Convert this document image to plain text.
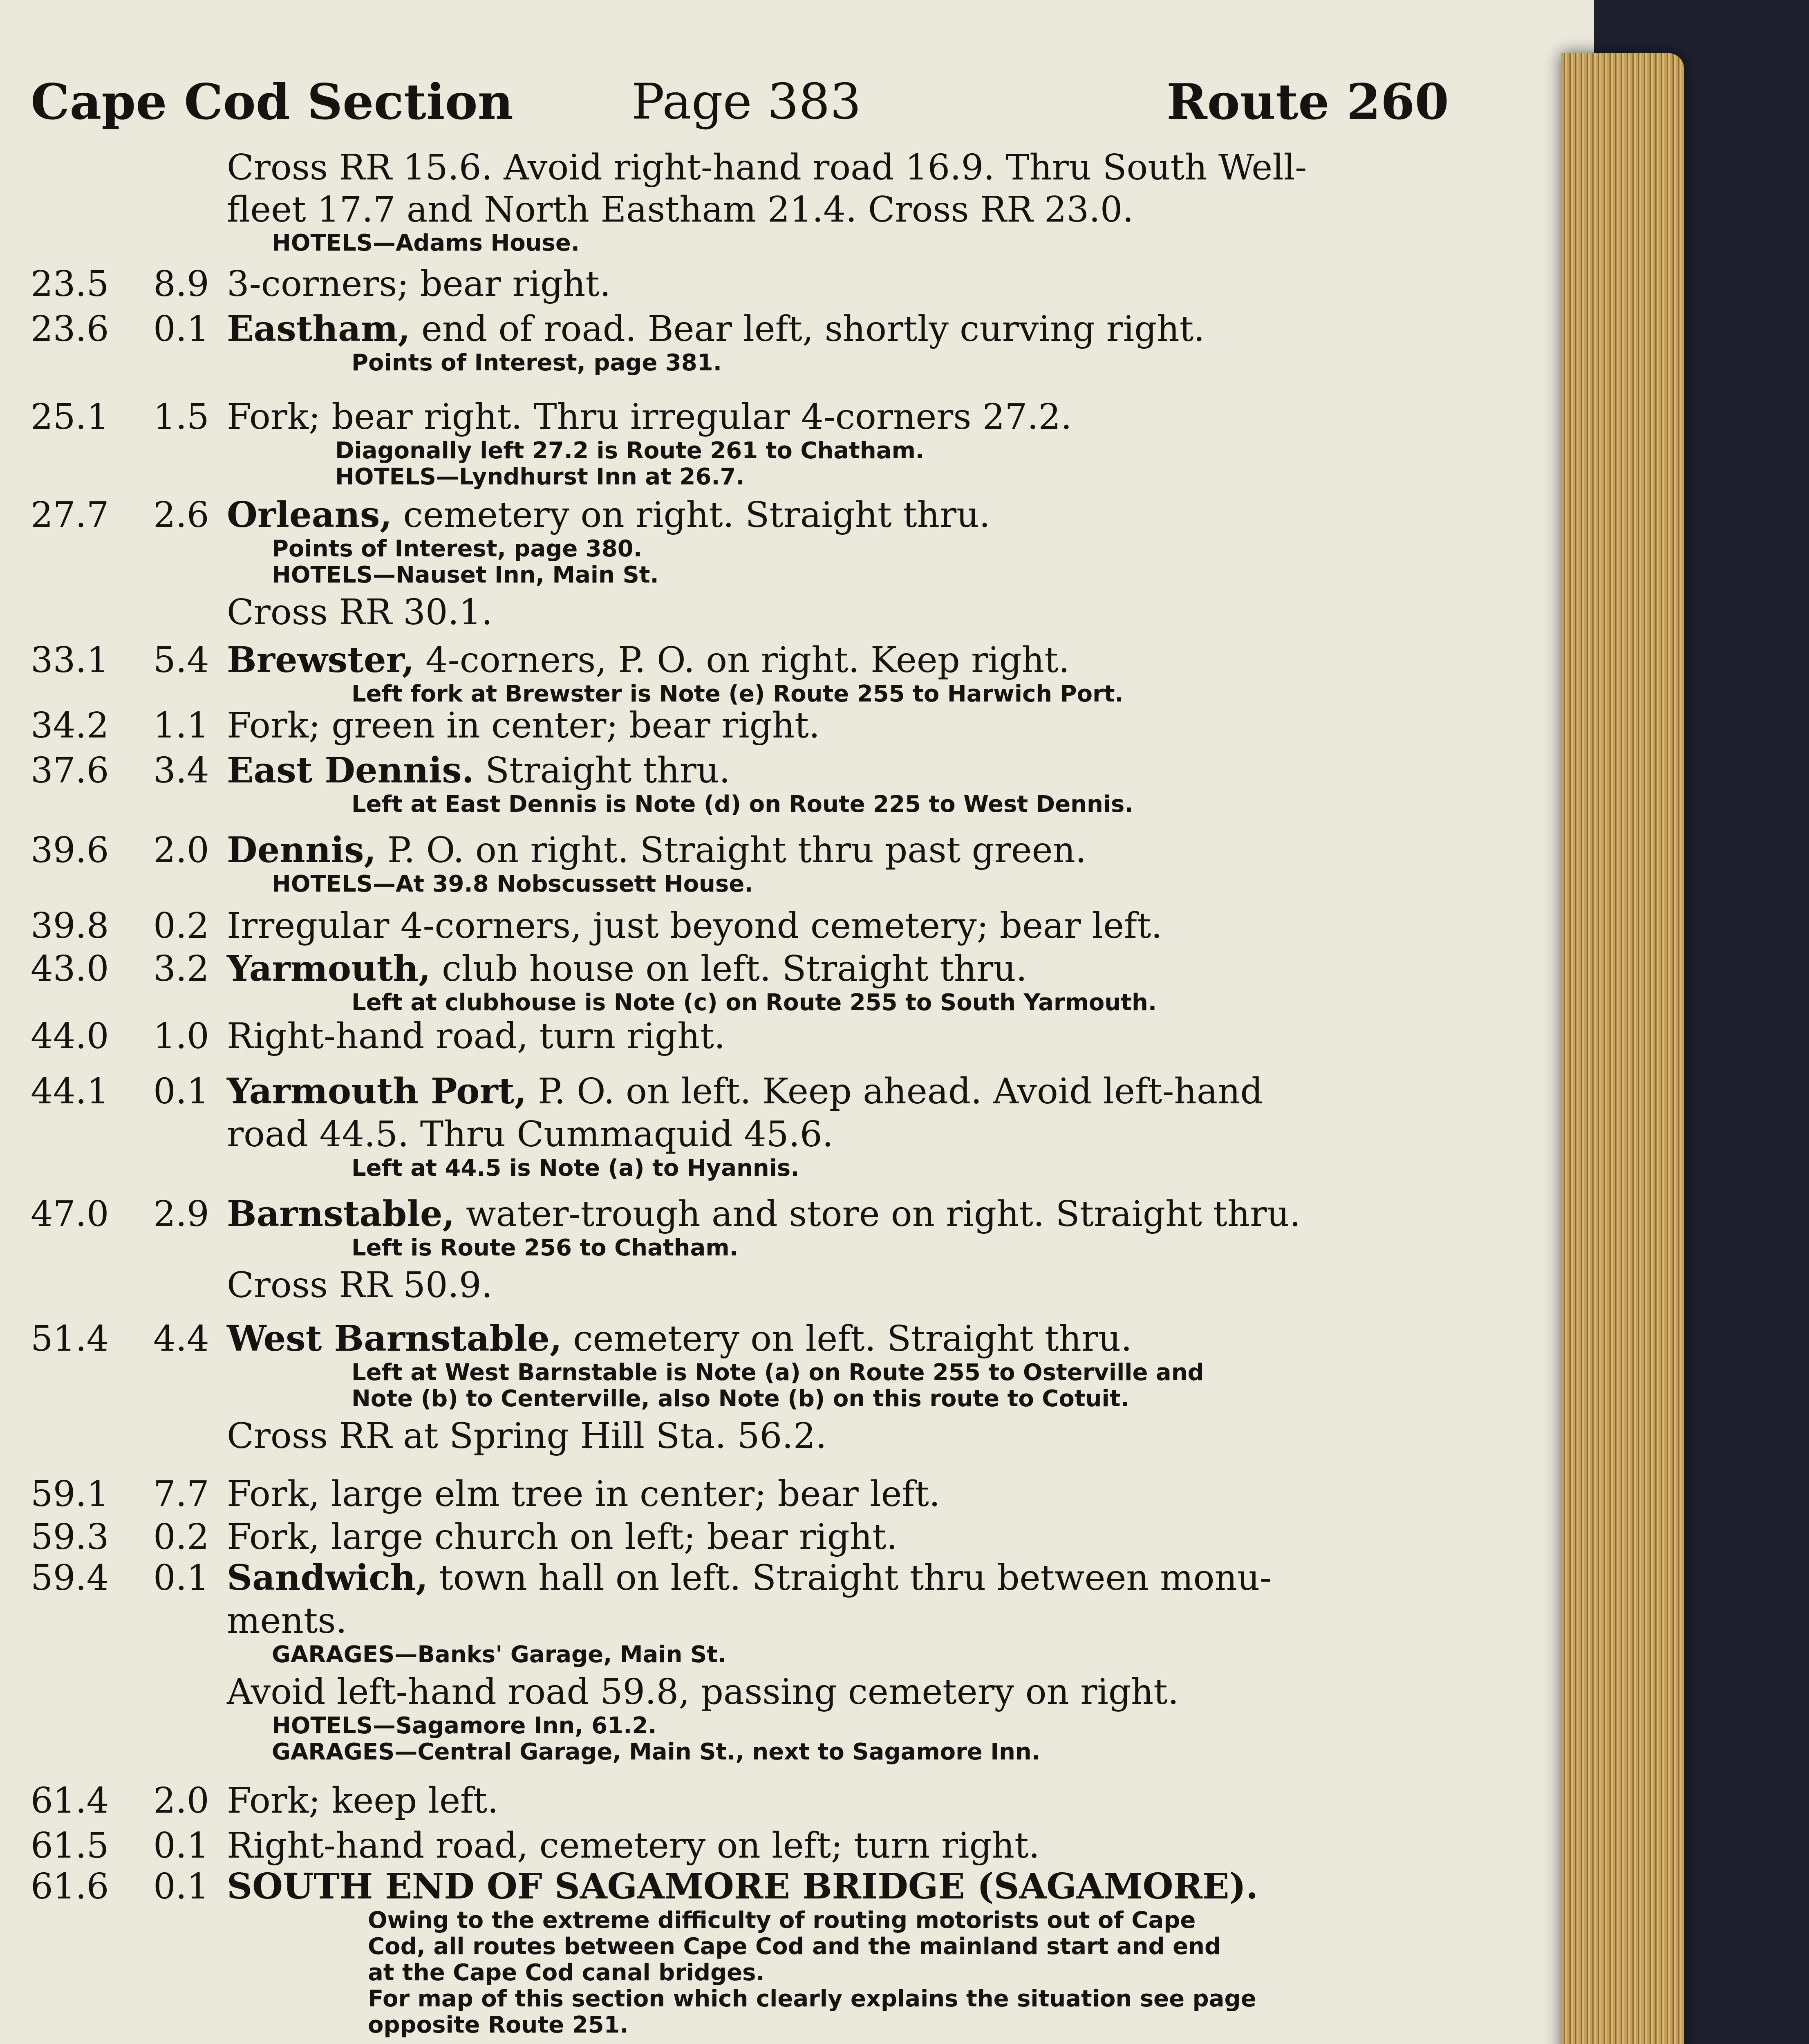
Cape Cod Section Page 383	Route 260
Cross RR 15.6. Avoid right-hand road 16.9. Thru South Well-
fleet 17.7 and North Eastham 21.4. Cross RR 23.0.
HOTELS—Adams House.
23.5	8.9 3-corners; bear right.
23.6	0.1 Eastham, end of road. Bear left, shortly curving right.
Points of Interest, page 381.
25.1	1.5 Fork; bear right. Thru irregular 4-corners 27.2.
Diagonally left 27.2 is Route 261 to Chatham.
HOTELS—Lyndhurst Inn at 26.7.
27.7	2.6 Orleans, cemetery on right. Straight thru.
Points of Interest, page 380.
HOTELS—Nauset Inn, Main St.
Cross RR 30.1.
33.1	5.4 Brewster, 4-corners, P. O. on right. Keep right.
Left fork at Brewster is Note (e) Route 255 to Harwich Port.
34.2	1.1 Fork; green in center; bear right.
37.6	3.4 East Dennis. Straight thru.
Left at East Dennis is Note (d) on Route 225 to West Dennis.
39.6	2.0 Dennis, P. O. on right. Straight thru past green.
HOTELS—At 39.8 Nobscussett House.
39.8	0.2 Irregular 4-corners, just beyond cemetery; bear left.
43.0	3.2 Yarmouth, club house on left. Straight thru.
Left at clubhouse is Note (c) on Route 255 to South Yarmouth.
44.0	1.0 Right-hand road, turn right.
44.1	0.1 Yarmouth Port, P. O. on left. Keep ahead. Avoid left-hand
road 44.5. Thru Cummaquid 45.6.
Left at 44.5 is Note (a) to Hyannis.
47.0	2.9 Barnstable, water-trough and store on right. Straight thru.
Left is Route 256 to Chatham.
Cross RR 50.9.
51.4	4.4 West Barnstable, cemetery on left. Straight thru.
Left at West Barnstable is Note (a) on Route 255 to Osterville and
Note (b) to Centerville, also Note (b) on this route to Cotuit.
Cross RR at Spring Hill Sta. 56.2.
59.1	7.7 Fork, large elm tree in center; bear left.
59.3	0.2 Fork, large church on left; bear right.
59.4	0.1 Sandwich, town hall on left. Straight thru between monu-
ments.
GARAGES—Banks' Garage, Main St.
Avoid left-hand road 59.8, passing cemetery on right.
HOTELS—Sagamore Inn, 61.2.
GARAGES—Central Garage, Main St., next to Sagamore Inn.
61.4	2.0 Fork; keep left.
61.5	0.1 Right-hand road, cemetery on left; turn right.
61.6	0.1 SOUTH END OF SAGAMORE BRIDGE (SAGAMORE).
Owing to the extreme difficulty of routing motorists out of Cape
Cod, all routes between Cape Cod and the mainland start and end
at the Cape Cod canal bridges.
For map of this section which clearly explains the situation see page
opposite Route 251.
